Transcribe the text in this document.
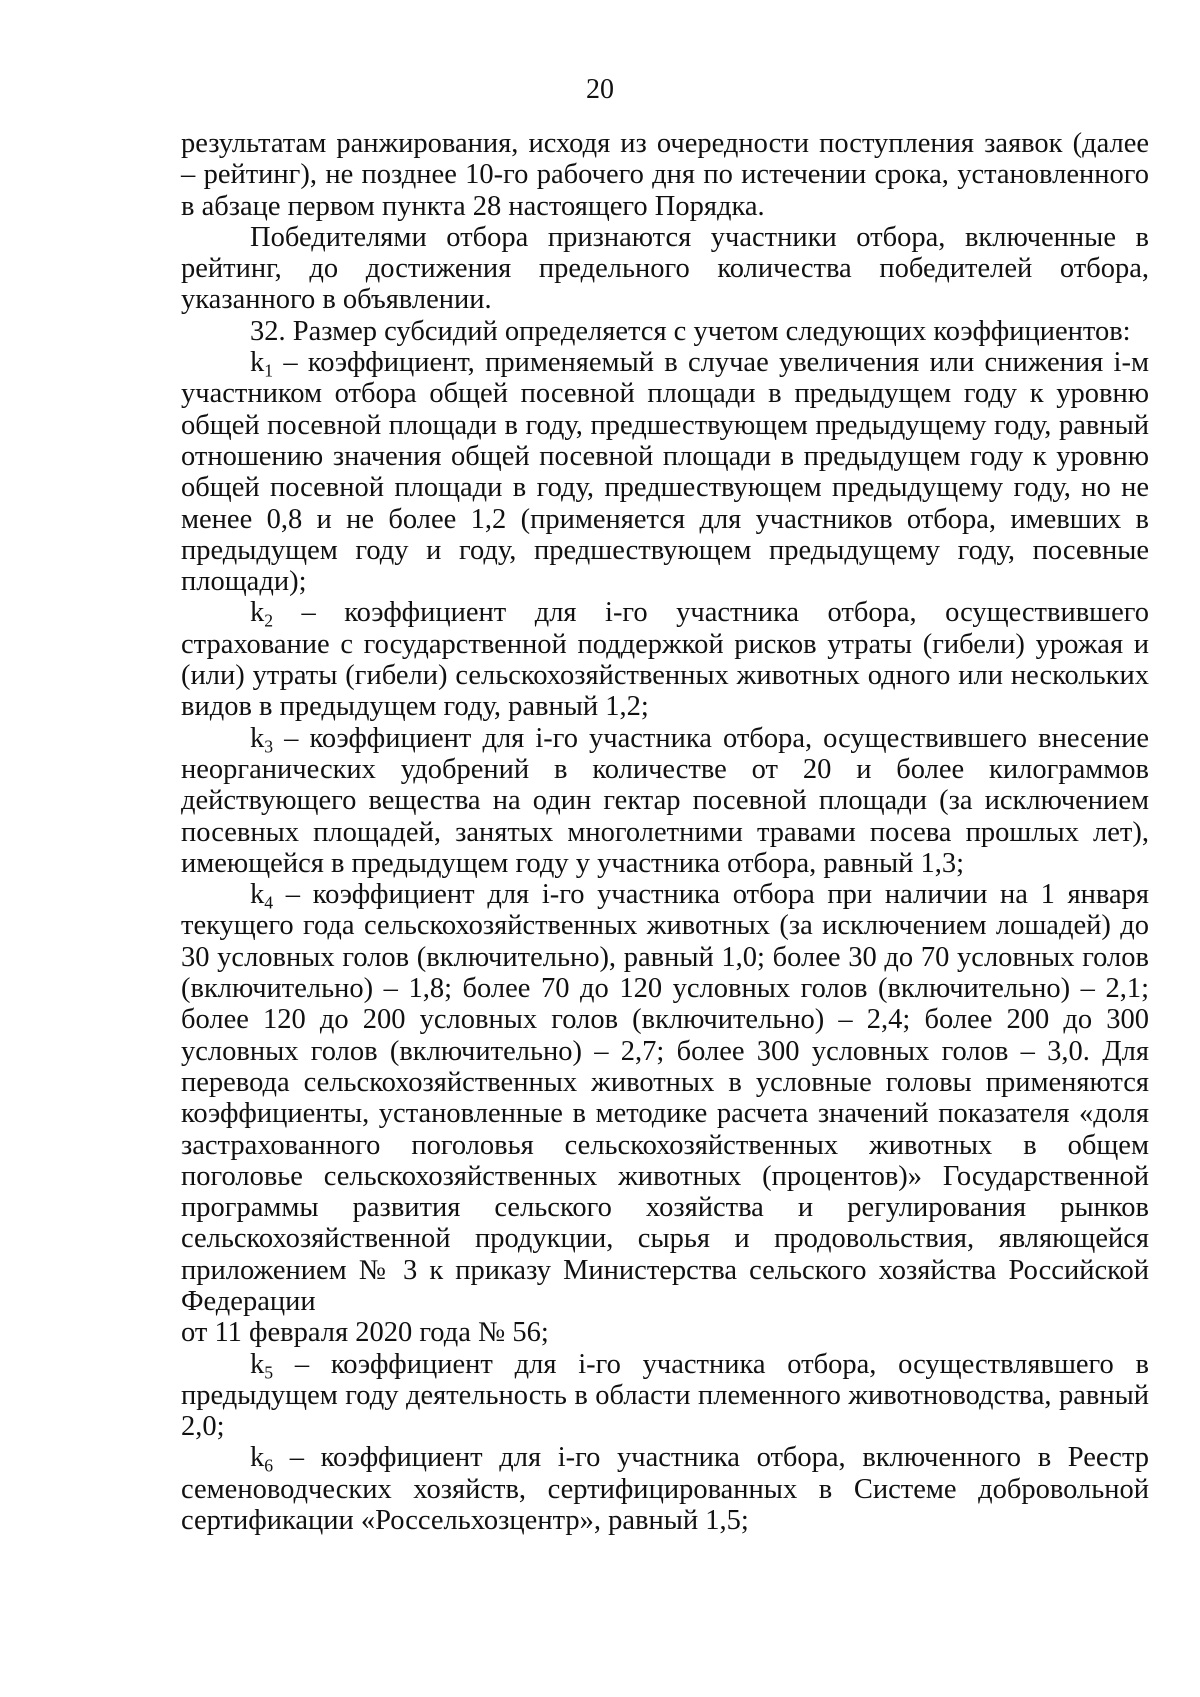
20

результатам ранжирования, исходя из очередности поступления заявок (далее – рейтинг), не позднее 10-го рабочего дня по истечении срока, установленного в абзаце первом пункта 28 настоящего Порядка.

Победителями отбора признаются участники отбора, включенные в рейтинг, до достижения предельного количества победителей отбора, указанного в объявлении.

32. Размер субсидий определяется с учетом следующих коэффициентов:

$k_1$ – коэффициент, применяемый в случае увеличения или снижения i-м участником отбора общей посевной площади в предыдущем году к уровню общей посевной площади в году, предшествующем предыдущему году, равный отношению значения общей посевной площади в предыдущем году к уровню общей посевной площади в году, предшествующем предыдущему году, но не менее 0,8 и не более 1,2 (применяется для участников отбора, имевших в предыдущем году и году, предшествующем предыдущему году, посевные площади);

$k_2$ – коэффициент для i-го участника отбора, осуществившего страхование с государственной поддержкой рисков утраты (гибели) урожая и (или) утраты (гибели) сельскохозяйственных животных одного или нескольких видов в предыдущем году, равный 1,2;

$k_3$ – коэффициент для i-го участника отбора, осуществившего внесение неорганических удобрений в количестве от 20 и более килограммов действующего вещества на один гектар посевной площади (за исключением посевных площадей, занятых многолетними травами посева прошлых лет), имеющейся в предыдущем году у участника отбора, равный 1,3;

$k_4$ – коэффициент для i-го участника отбора при наличии на 1 января текущего года сельскохозяйственных животных (за исключением лошадей) до 30 условных голов (включительно), равный 1,0; более 30 до 70 условных голов (включительно) – 1,8; более 70 до 120 условных голов (включительно) – 2,1; более 120 до 200 условных голов (включительно) – 2,4; более 200 до 300 условных голов (включительно) – 2,7; более 300 условных голов – 3,0. Для перевода сельскохозяйственных животных в условные головы применяются коэффициенты, установленные в методике расчета значений показателя «доля застрахованного поголовья сельскохозяйственных животных в общем поголовье сельскохозяйственных животных (процентов)» Государственной программы развития сельского хозяйства и регулирования рынков сельскохозяйственной продукции, сырья и продовольствия, являющейся приложением № 3 к приказу Министерства сельского хозяйства Российской Федерации

от 11 февраля 2020 года № 56;

$k_5$ – коэффициент для i-го участника отбора, осуществлявшего в предыдущем году деятельность в области племенного животноводства, равный 2,0;

$k_6$ – коэффициент для i-го участника отбора, включенного в Реестр семеноводческих хозяйств, сертифицированных в Системе добровольной сертификации «Россельхозцентр», равный 1,5;
